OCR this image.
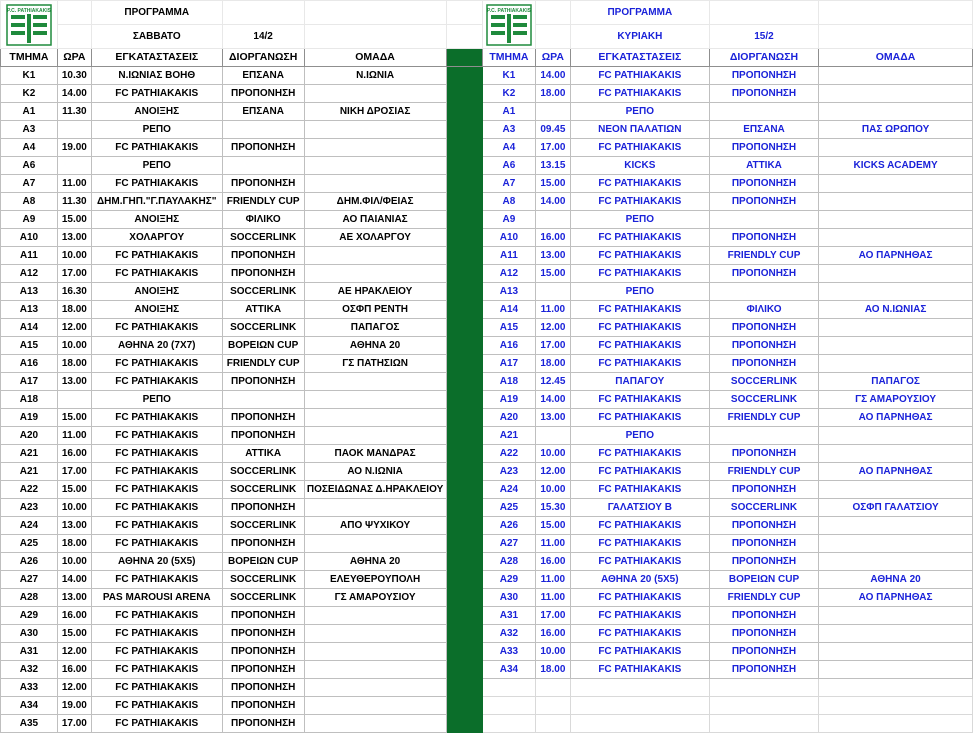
P.C. PATHIAKAKIS		ΠΡΟΓΡΑΜΜΑ				P.C. PATHIAKAKIS		ΠΡΟΓΡΑΜΜΑ		
		ΣΑΒΒΑΤΟ	14/2					ΚΥΡΙΑΚΗ	15/2	
ΤΜΗΜΑ	ΩΡΑ	ΕΓΚΑΤΑΣΤΑΣΕΙΣ	ΔΙΟΡΓΑΝΩΣΗ	ΟΜΑΔΑ		ΤΜΗΜΑ	ΩΡΑ	ΕΓΚΑΤΑΣΤΑΣΕΙΣ	ΔΙΟΡΓΑΝΩΣΗ	ΟΜΑΔΑ
K1	10.30	Ν.ΙΩΝΙΑΣ ΒΟΗΘ	ΕΠΣΑΝΑ	Ν.ΙΩΝΙΑ		K1	14.00	FC PATHIAKAKIS	ΠΡΟΠΟΝΗΣΗ	
K2	14.00	FC PATHIAKAKIS	ΠΡΟΠΟΝΗΣΗ			K2	18.00	FC PATHIAKAKIS	ΠΡΟΠΟΝΗΣΗ	
A1	11.30	ΑΝΟΙΞΗΣ	ΕΠΣΑΝΑ	ΝΙΚΗ ΔΡΟΣΙΑΣ		A1		ΡΕΠΟ		
A3		ΡΕΠΟ				A3	09.45	ΝΕΟΝ ΠΑΛΑΤΙΩΝ	ΕΠΣΑΝΑ	ΠΑΣ ΩΡΩΠΟΥ
A4	19.00	FC PATHIAKAKIS	ΠΡΟΠΟΝΗΣΗ			A4	17.00	FC PATHIAKAKIS	ΠΡΟΠΟΝΗΣΗ	
A6		ΡΕΠΟ				A6	13.15	KICKS	ΑΤΤΙΚΑ	KICKS ACADEMY
A7	11.00	FC PATHIAKAKIS	ΠΡΟΠΟΝΗΣΗ			A7	15.00	FC PATHIAKAKIS	ΠΡΟΠΟΝΗΣΗ	
A8	11.30	ΔΗΜ.ΓΗΠ."Γ.ΠΑΥΛΑΚΗΣ"	FRIENDLY CUP	ΔΗΜ.ΦΙΛ/ΦΕΙΑΣ		A8	14.00	FC PATHIAKAKIS	ΠΡΟΠΟΝΗΣΗ	
A9	15.00	ΑΝΟΙΞΗΣ	ΦΙΛΙΚΟ	ΑΟ ΠΑΙΑΝΙΑΣ		A9		ΡΕΠΟ		
A10	13.00	ΧΟΛΑΡΓΟΥ	SOCCERLINK	ΑΕ ΧΟΛΑΡΓΟΥ		A10	16.00	FC PATHIAKAKIS	ΠΡΟΠΟΝΗΣΗ	
A11	10.00	FC PATHIAKAKIS	ΠΡΟΠΟΝΗΣΗ			A11	13.00	FC PATHIAKAKIS	FRIENDLY CUP	ΑΟ ΠΑΡΝΗΘΑΣ
A12	17.00	FC PATHIAKAKIS	ΠΡΟΠΟΝΗΣΗ			A12	15.00	FC PATHIAKAKIS	ΠΡΟΠΟΝΗΣΗ	
A13	16.30	ΑΝΟΙΞΗΣ	SOCCERLINK	ΑΕ ΗΡΑΚΛΕΙΟΥ		A13		ΡΕΠΟ		
A13	18.00	ΑΝΟΙΞΗΣ	ΑΤΤΙΚΑ	ΟΣΦΠ ΡΕΝΤΗ		A14	11.00	FC PATHIAKAKIS	ΦΙΛΙΚΟ	ΑΟ Ν.ΙΩΝΙΑΣ
A14	12.00	FC PATHIAKAKIS	SOCCERLINK	ΠΑΠΑΓΟΣ		A15	12.00	FC PATHIAKAKIS	ΠΡΟΠΟΝΗΣΗ	
A15	10.00	ΑΘΗΝΑ 20 (7X7)	ΒΟΡΕΙΩΝ CUP	ΑΘΗΝΑ 20		A16	17.00	FC PATHIAKAKIS	ΠΡΟΠΟΝΗΣΗ	
A16	18.00	FC PATHIAKAKIS	FRIENDLY CUP	ΓΣ ΠΑΤΗΣΙΩΝ		A17	18.00	FC PATHIAKAKIS	ΠΡΟΠΟΝΗΣΗ	
A17	13.00	FC PATHIAKAKIS	ΠΡΟΠΟΝΗΣΗ			A18	12.45	ΠΑΠΑΓΟΥ	SOCCERLINK	ΠΑΠΑΓΟΣ
A18		ΡΕΠΟ				A19	14.00	FC PATHIAKAKIS	SOCCERLINK	ΓΣ ΑΜΑΡΟΥΣΙΟΥ
A19	15.00	FC PATHIAKAKIS	ΠΡΟΠΟΝΗΣΗ			A20	13.00	FC PATHIAKAKIS	FRIENDLY CUP	ΑΟ ΠΑΡΝΗΘΑΣ
A20	11.00	FC PATHIAKAKIS	ΠΡΟΠΟΝΗΣΗ			A21		ΡΕΠΟ		
A21	16.00	FC PATHIAKAKIS	ΑΤΤΙΚΑ	ΠΑΟΚ ΜΑΝΔΡΑΣ		A22	10.00	FC PATHIAKAKIS	ΠΡΟΠΟΝΗΣΗ	
A21	17.00	FC PATHIAKAKIS	SOCCERLINK	ΑΟ Ν.ΙΩΝΙΑ		A23	12.00	FC PATHIAKAKIS	FRIENDLY CUP	ΑΟ ΠΑΡΝΗΘΑΣ
A22	15.00	FC PATHIAKAKIS	SOCCERLINK	ΠΟΣΕΙΔΩΝΑΣ Δ.ΗΡΑΚΛΕΙΟΥ		A24	10.00	FC PATHIAKAKIS	ΠΡΟΠΟΝΗΣΗ	
A23	10.00	FC PATHIAKAKIS	ΠΡΟΠΟΝΗΣΗ			A25	15.30	ΓΑΛΑΤΣΙΟΥ Β	SOCCERLINK	ΟΣΦΠ ΓΑΛΑΤΣΙΟΥ
A24	13.00	FC PATHIAKAKIS	SOCCERLINK	ΑΠΟ ΨΥΧΙΚΟΥ		A26	15.00	FC PATHIAKAKIS	ΠΡΟΠΟΝΗΣΗ	
A25	18.00	FC PATHIAKAKIS	ΠΡΟΠΟΝΗΣΗ			A27	11.00	FC PATHIAKAKIS	ΠΡΟΠΟΝΗΣΗ	
A26	10.00	ΑΘΗΝΑ 20 (5X5)	ΒΟΡΕΙΩΝ CUP	ΑΘΗΝΑ 20		A28	16.00	FC PATHIAKAKIS	ΠΡΟΠΟΝΗΣΗ	
A27	14.00	FC PATHIAKAKIS	SOCCERLINK	ΕΛΕΥΘΕΡΟΥΠΟΛΗ		A29	11.00	ΑΘΗΝΑ 20 (5X5)	ΒΟΡΕΙΩΝ CUP	ΑΘΗΝΑ 20
A28	13.00	PAS MAROUSI ARENA	SOCCERLINK	ΓΣ ΑΜΑΡΟΥΣΙΟΥ		A30	11.00	FC PATHIAKAKIS	FRIENDLY CUP	ΑΟ ΠΑΡΝΗΘΑΣ
A29	16.00	FC PATHIAKAKIS	ΠΡΟΠΟΝΗΣΗ			A31	17.00	FC PATHIAKAKIS	ΠΡΟΠΟΝΗΣΗ	
A30	15.00	FC PATHIAKAKIS	ΠΡΟΠΟΝΗΣΗ			A32	16.00	FC PATHIAKAKIS	ΠΡΟΠΟΝΗΣΗ	
A31	12.00	FC PATHIAKAKIS	ΠΡΟΠΟΝΗΣΗ			A33	10.00	FC PATHIAKAKIS	ΠΡΟΠΟΝΗΣΗ	
A32	16.00	FC PATHIAKAKIS	ΠΡΟΠΟΝΗΣΗ			A34	18.00	FC PATHIAKAKIS	ΠΡΟΠΟΝΗΣΗ	
A33	12.00	FC PATHIAKAKIS	ΠΡΟΠΟΝΗΣΗ							
A34	19.00	FC PATHIAKAKIS	ΠΡΟΠΟΝΗΣΗ							
A35	17.00	FC PATHIAKAKIS	ΠΡΟΠΟΝΗΣΗ							
